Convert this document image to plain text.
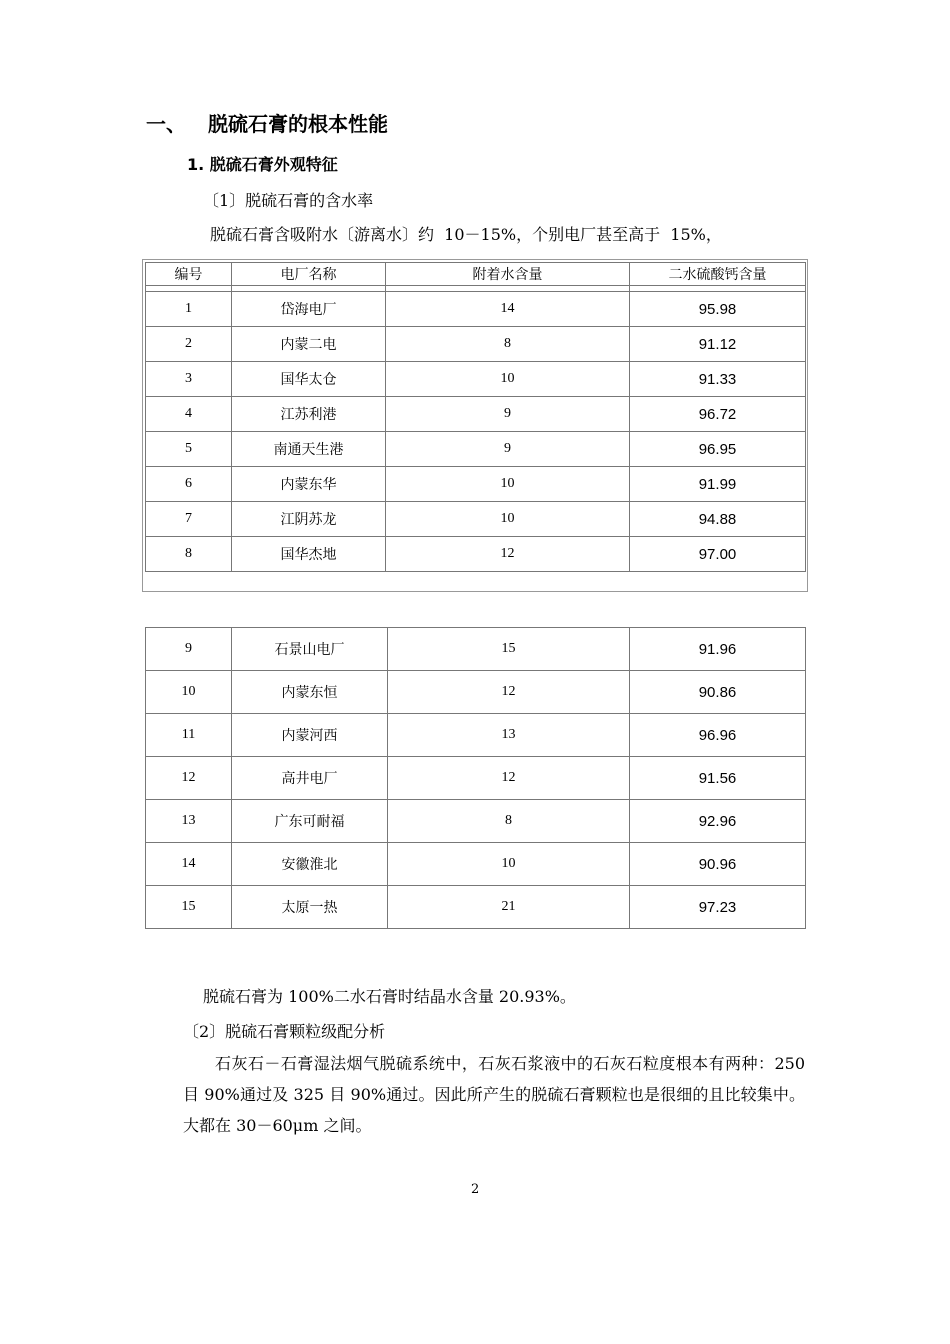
一、 脱硫石膏的根本性能
1. 脱硫石膏外观特征
〔1〕脱硫石膏的含水率
脱硫石膏含吸附水〔游离水〕约  10－15%，个别电厂甚至高于  15%，
编号	电厂名称	附着水含量	二水硫酸钙含量

1	岱海电厂	14	95.98
2	内蒙二电	8	91.12
3	国华太仓	10	91.33
4	江苏利港	9	96.72
5	南通天生港	9	96.95
6	内蒙东华	10	91.99
7	江阴苏龙	10	94.88
8	国华杰地	12	97.00
9	石景山电厂	15	91.96
10	内蒙东恒	12	90.86
11	内蒙河西	13	96.96
12	高井电厂	12	91.56
13	广东可耐福	8	92.96
14	安徽淮北	10	90.96
15	太原一热	21	97.23
脱硫石膏为 100%二水石膏时结晶水含量 20.93%。
〔2〕脱硫石膏颗粒级配分析
石灰石－石膏湿法烟气脱硫系统中，石灰石浆液中的石灰石粒度根本有两种：250 目 90%通过及 325 目 90%通过。因此所产生的脱硫石膏颗粒也是很细的且比较集中。大都在 30－60μm 之间。
2
